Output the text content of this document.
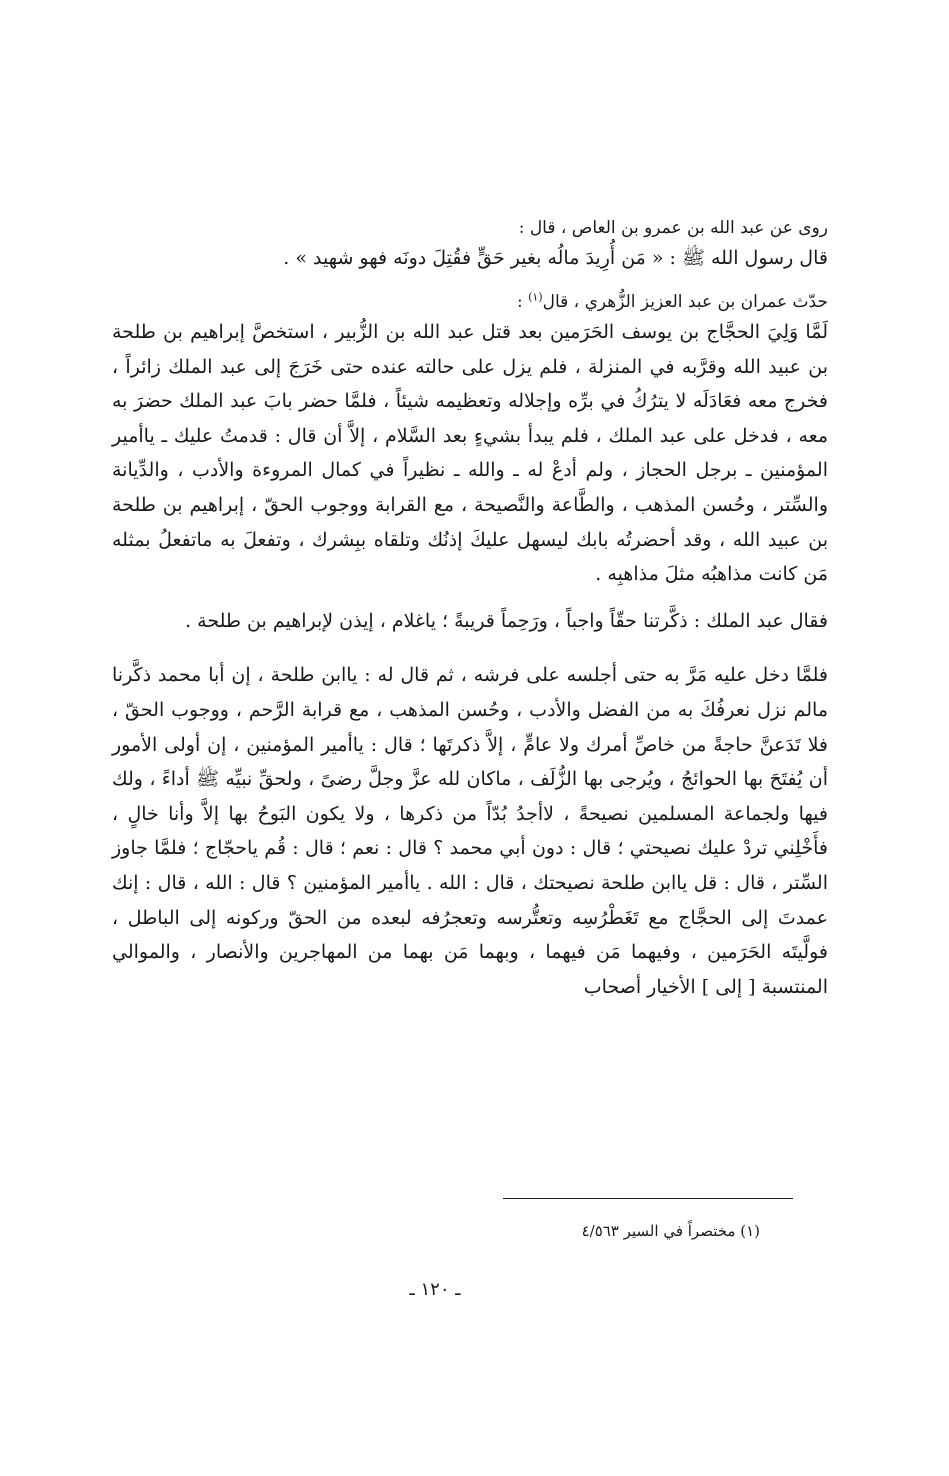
روى عن عبد الله بن عمرو بن العاص ، قال :

قال رسول الله ﷺ : « مَن أُرِيدَ مالُه بغير حَقٍّ فقُتِلَ دونَه فهو شهيد » .

حدّث عمران بن عبد العزيز الزُّهري ، قال$^{(١)}$ :

لَمَّا وَلِيَ الحجَّاج بن يوسف الحَرَمين بعد قتل عبد الله بن الزُّبير ، استخصَّ إبراهيم بن طلحة بن عبيد الله وقرَّبه في المنزلة ، فلم يزل على حالته عنده حتى خَرَجَ إلى عبد الملك زائراً ، فخرج معه فعَادَلَه لا يترُكُ في برِّه وإجلاله وتعظيمه شيئاً ، فلمَّا حضر بابَ عبد الملك حضرَ به معه ، فدخل على عبد الملك ، فلم يبدأ بشيءٍ بعد السَّلام ، إلاَّ أن قال : قدمتُ عليك ـ ياأمير المؤمنين ـ برجل الحجاز ، ولم أدعْ له ـ والله ـ نظيراً في كمال المروءة والأدب ، والدِّيانة والسِّتر ، وحُسن المذهب ، والطَّاعة والنَّصيحة ، مع القرابة ووجوب الحقّ ، إبراهيم بن طلحة بن عبيد الله ، وقد أحضرتُه بابك ليسهل عليكَ إذنُك وتلقاه ببِشرك ، وتفعلَ به ماتفعلُ بمثله مَن كانت مذاهبُه مثلَ مذاهبِه .

فقال عبد الملك : ذكَّرتنا حقّاً واجباً ، ورَحِماً قريبةً ؛ ياغلام ، إيذن لإبراهيم بن طلحة .

فلمَّا دخل عليه مَرَّ به حتى أجلسه على فرشه ، ثم قال له : ياابن طلحة ، إن أبا محمد ذكَّرنا مالم نزل نعرفُكَ به من الفضل والأدب ، وحُسن المذهب ، مع قرابة الرَّحم ، ووجوب الحقّ ، فلا تَدَعنَّ حاجةً من خاصِّ أمرك ولا عامٍّ ، إلاَّ ذكرتَها ؛ قال : ياأمير المؤمنين ، إن أولى الأمور أن يُفتَحَ بها الحوائجُ ، ويُرجى بها الزُّلَف ، ماكان لله عزَّ وجلَّ رضىً ، ولحقِّ نبيِّه ﷺ أداءً ، ولك فيها ولجماعة المسلمين نصيحةً ، لاأجدُ بُدّاً من ذكرها ، ولا يكون البَوحُ بها إلاَّ وأنا خالٍ ، فأَخْلِني تردْ عليك نصيحتي ؛ قال : دون أبي محمد ؟ قال : نعم ؛ قال : قُم ياحجّاج ؛ فلمَّا جاوز السِّتر ، قال : قل ياابن طلحة نصيحتك ، قال : الله . ياأمير المؤمنين ؟ قال : الله ، قال : إنك عمدتَ إلى الحجَّاج مع تَغَطْرُسِه وتعتُّرسه وتعجرُفه لبعده من الحقّ وركونه إلى الباطل ، فولَّيتَه الحَرَمين ، وفيهما مَن فيهما ، وبهما مَن بهما من المهاجرين والأنصار ، والموالي المنتسبة [ إلى ] الأخيار أصحاب

(١) مختصراً في السير ٤/٥٦٣
ـ ١٢٠ ـ
